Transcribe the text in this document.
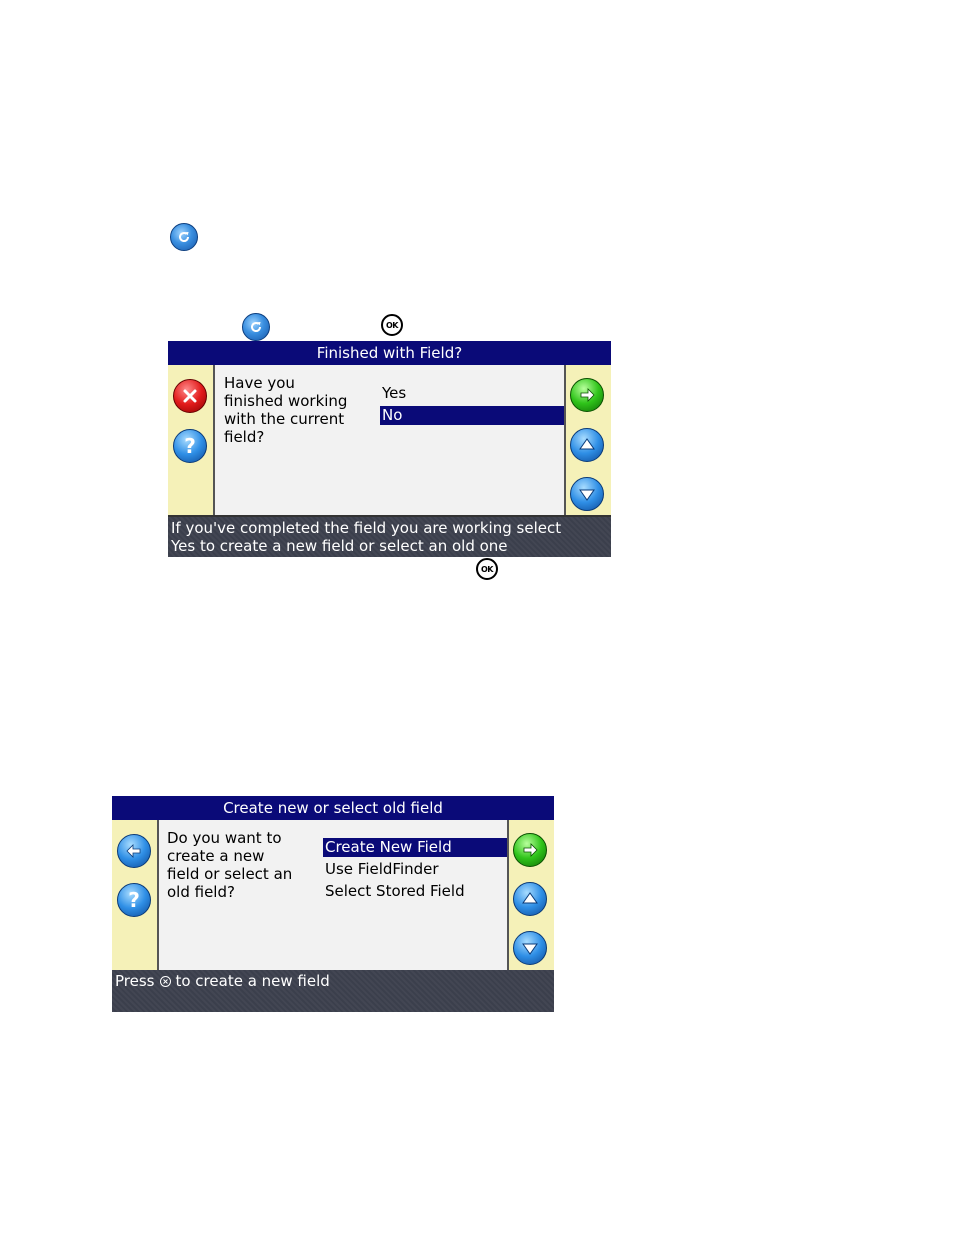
OK
Finished with Field?
?
Have you
finished working
with the current
field?
Yes
No
If you've completed the field you are working select
Yes to create a new field or select an old one
OK
Create new or select old field
?
Do you want to
create a new
field or select an
old field?
Create New Field
Use FieldFinder
Select Stored Field
Press to create a new field
